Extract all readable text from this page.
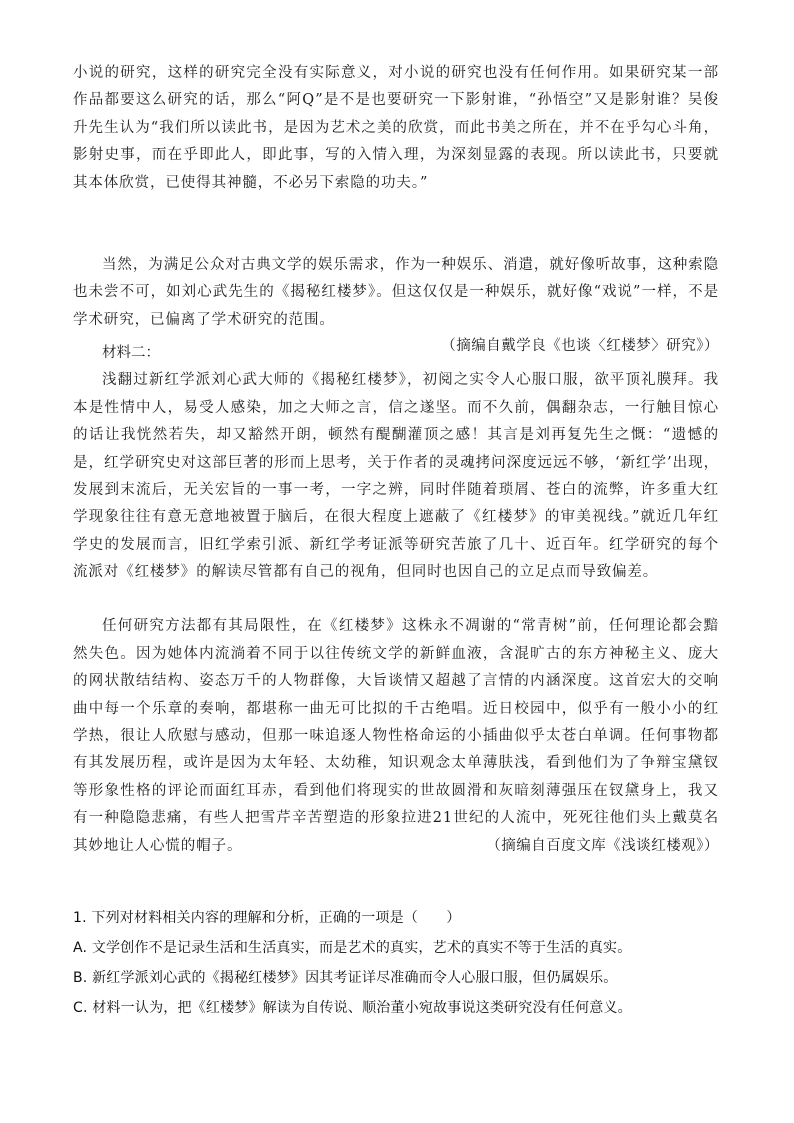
小说的研究，这样的研究完全没有实际意义，对小说的研究也没有任何作用。如果研究某一部作品都要这么研究的话，那么“阿Q”是不是也要研究一下影射谁，“孙悟空”又是影射谁？吴俊升先生认为“我们所以读此书，是因为艺术之美的欣赏，而此书美之所在，并不在乎勾心斗角，影射史事，而在乎即此人，即此事，写的入情入理，为深刻显露的表现。所以读此书，只要就其本体欣赏，已使得其神髓，不必另下索隐的功夫。”

当然，为满足公众对古典文学的娱乐需求，作为一种娱乐、消遣，就好像听故事，这种索隐也未尝不可，如刘心武先生的《揭秘红楼梦》。但这仅仅是一种娱乐，就好像“戏说”一样，不是学术研究，已偏离了学术研究的范围。

（摘编自戴学良《也谈〈红楼梦〉研究》）

材料二：

浅翻过新红学派刘心武大师的《揭秘红楼梦》，初阅之实令人心服口服，欲平顶礼膜拜。我本是性情中人，易受人感染，加之大师之言，信之遂坚。而不久前，偶翻杂志，一行触目惊心的话让我恍然若失，却又豁然开朗，顿然有醍醐灌顶之感！其言是刘再复先生之慨：“遗憾的是，红学研究史对这部巨著的形而上思考，关于作者的灵魂拷问深度远远不够，‘新红学’出现，发展到末流后，无关宏旨的一事一考，一字之辨，同时伴随着琐屑、苍白的流弊，许多重大红学现象往往有意无意地被置于脑后，在很大程度上遮蔽了《红楼梦》的审美视线。”就近几年红学史的发展而言，旧红学索引派、新红学考证派等研究苦旅了几十、近百年。红学研究的每个流派对《红楼梦》的解读尽管都有自己的视角，但同时也因自己的立足点而导致偏差。

任何研究方法都有其局限性，在《红楼梦》这株永不凋谢的“常青树”前，任何理论都会黯然失色。因为她体内流淌着不同于以往传统文学的新鲜血液，含混旷古的东方神秘主义、庞大的网状散结结构、姿态万千的人物群像，大旨谈情又超越了言情的内涵深度。这首宏大的交响曲中每一个乐章的奏响，都堪称一曲无可比拟的千古绝唱。近日校园中，似乎有一般小小的红学热，很让人欣慰与感动，但那一味追逐人物性格命运的小插曲似乎太苍白单调。任何事物都有其发展历程，或许是因为太年轻、太幼稚，知识观念太单薄肤浅，看到他们为了争辩宝黛钗等形象性格的评论而面红耳赤，看到他们将现实的世故圆滑和灰暗刻薄强压在钗黛身上，我又有一种隐隐悲痛，有些人把雪芹辛苦塑造的形象拉进21世纪的人流中，死死往他们头上戴莫名其妙地让人心慌的帽子。	（摘编自百度文库《浅谈红楼观》）

1. 下列对材料相关内容的理解和分析，正确的一项是（　　）

A. 文学创作不是记录生活和生活真实，而是艺术的真实，艺术的真实不等于生活的真实。

B. 新红学派刘心武的《揭秘红楼梦》因其考证详尽准确而令人心服口服，但仍属娱乐。

C. 材料一认为，把《红楼梦》解读为自传说、顺治董小宛故事说这类研究没有任何意义。
